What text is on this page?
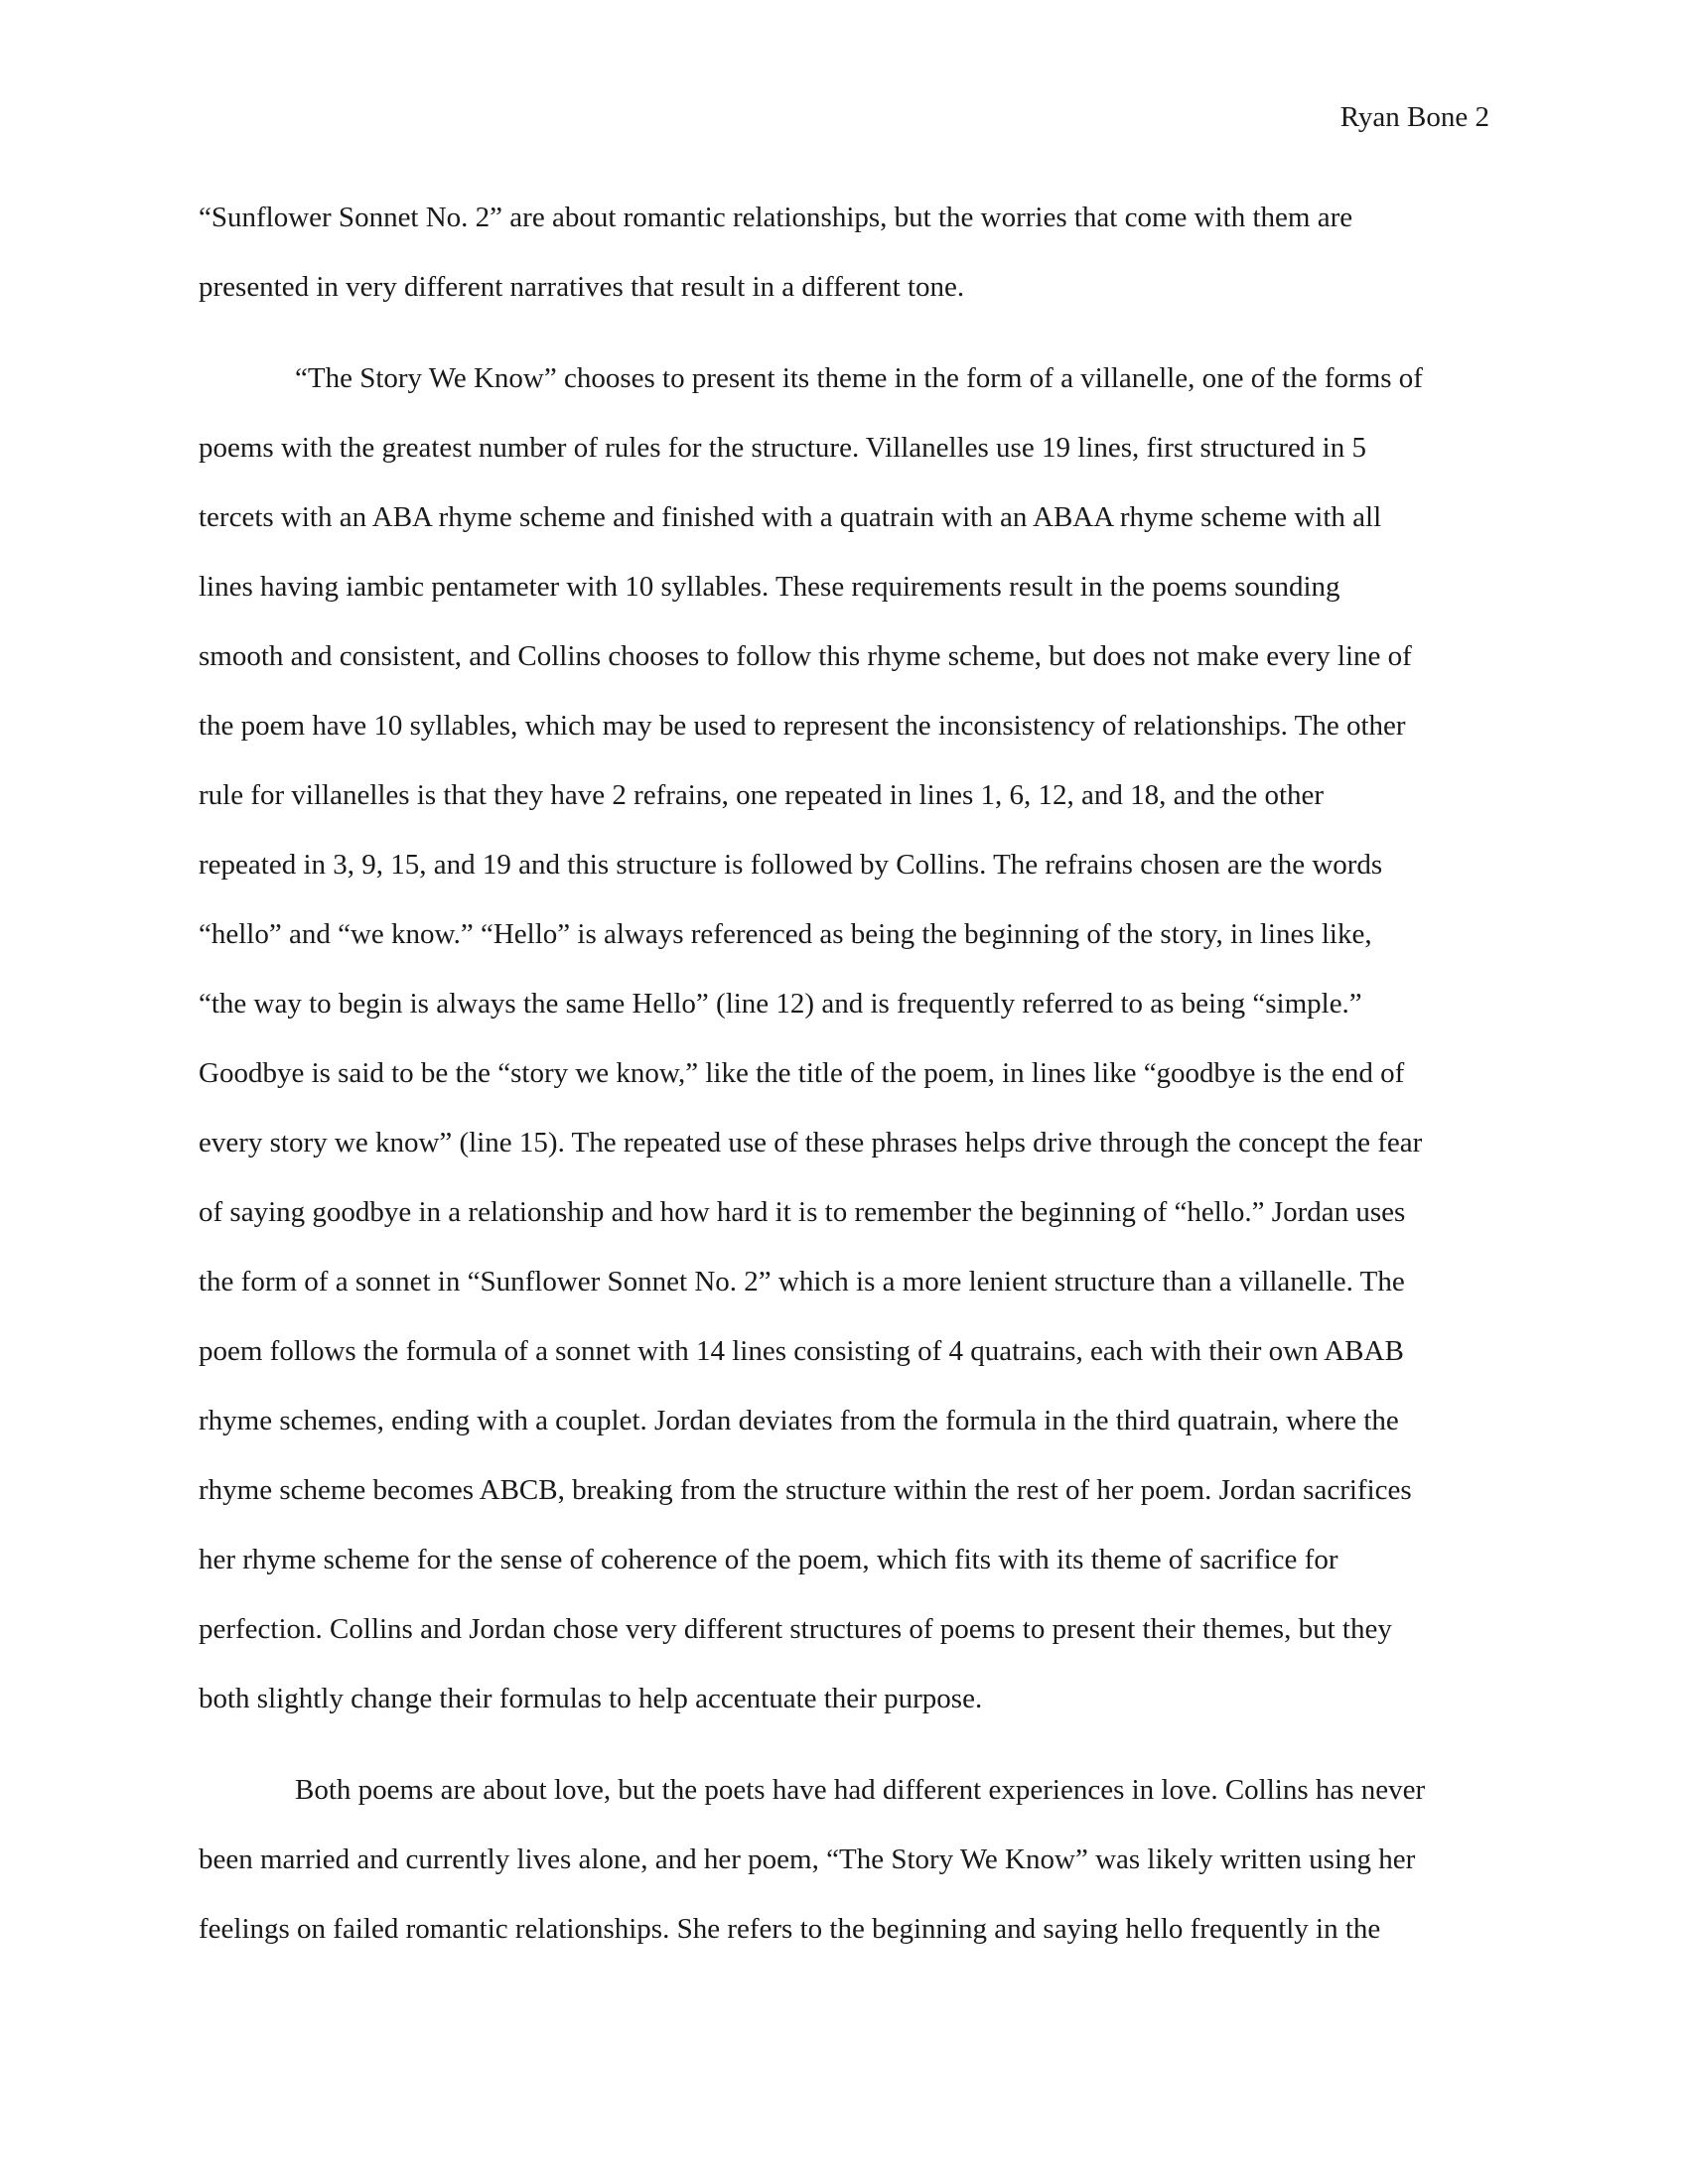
Ryan Bone 2
“Sunflower Sonnet No. 2” are about romantic relationships, but the worries that come with them are
presented in very different narratives that result in a different tone.
“The Story We Know” chooses to present its theme in the form of a villanelle, one of the forms of
poems with the greatest number of rules for the structure. Villanelles use 19 lines, first structured in 5
tercets with an ABA rhyme scheme and finished with a quatrain with an ABAA rhyme scheme with all
lines having iambic pentameter with 10 syllables. These requirements result in the poems sounding
smooth and consistent, and Collins chooses to follow this rhyme scheme, but does not make every line of
the poem have 10 syllables, which may be used to represent the inconsistency of relationships. The other
rule for villanelles is that they have 2 refrains, one repeated in lines 1, 6, 12, and 18, and the other
repeated in 3, 9, 15, and 19 and this structure is followed by Collins. The refrains chosen are the words
“hello” and “we know.” “Hello” is always referenced as being the beginning of the story, in lines like,
“the way to begin is always the same Hello” (line 12) and is frequently referred to as being “simple.”
Goodbye is said to be the “story we know,” like the title of the poem, in lines like “goodbye is the end of
every story we know” (line 15). The repeated use of these phrases helps drive through the concept the fear
of saying goodbye in a relationship and how hard it is to remember the beginning of “hello.” Jordan uses
the form of a sonnet in “Sunflower Sonnet No. 2” which is a more lenient structure than a villanelle. The
poem follows the formula of a sonnet with 14 lines consisting of 4 quatrains, each with their own ABAB
rhyme schemes, ending with a couplet. Jordan deviates from the formula in the third quatrain, where the
rhyme scheme becomes ABCB, breaking from the structure within the rest of her poem. Jordan sacrifices
her rhyme scheme for the sense of coherence of the poem, which fits with its theme of sacrifice for
perfection. Collins and Jordan chose very different structures of poems to present their themes, but they
both slightly change their formulas to help accentuate their purpose.
Both poems are about love, but the poets have had different experiences in love. Collins has never
been married and currently lives alone, and her poem, “The Story We Know” was likely written using her
feelings on failed romantic relationships. She refers to the beginning and saying hello frequently in the
